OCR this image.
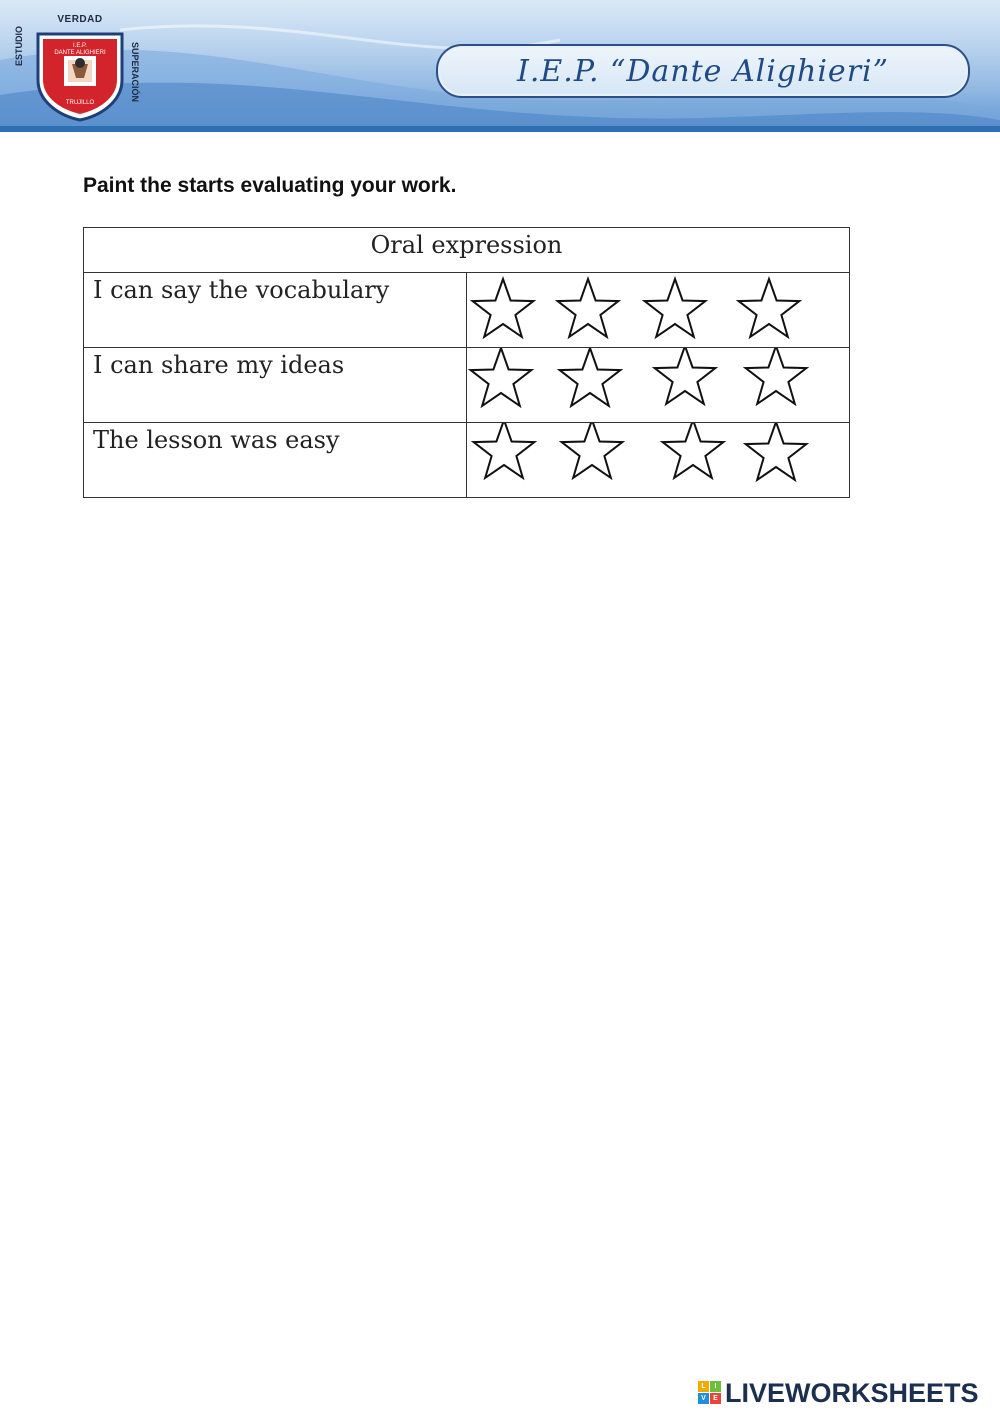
VERDAD
ESTUDIO	SUPERACIÓN
I.E.P.
DANTE ALIGHIERI
TRUJILLO
I.E.P. “Dante Alighieri”
Paint the starts evaluating your work.
Oral expression	

I can say the vocabulary

I can share my ideas

The lesson was easy

L	I
V	E LIVEWORKSHEETS
